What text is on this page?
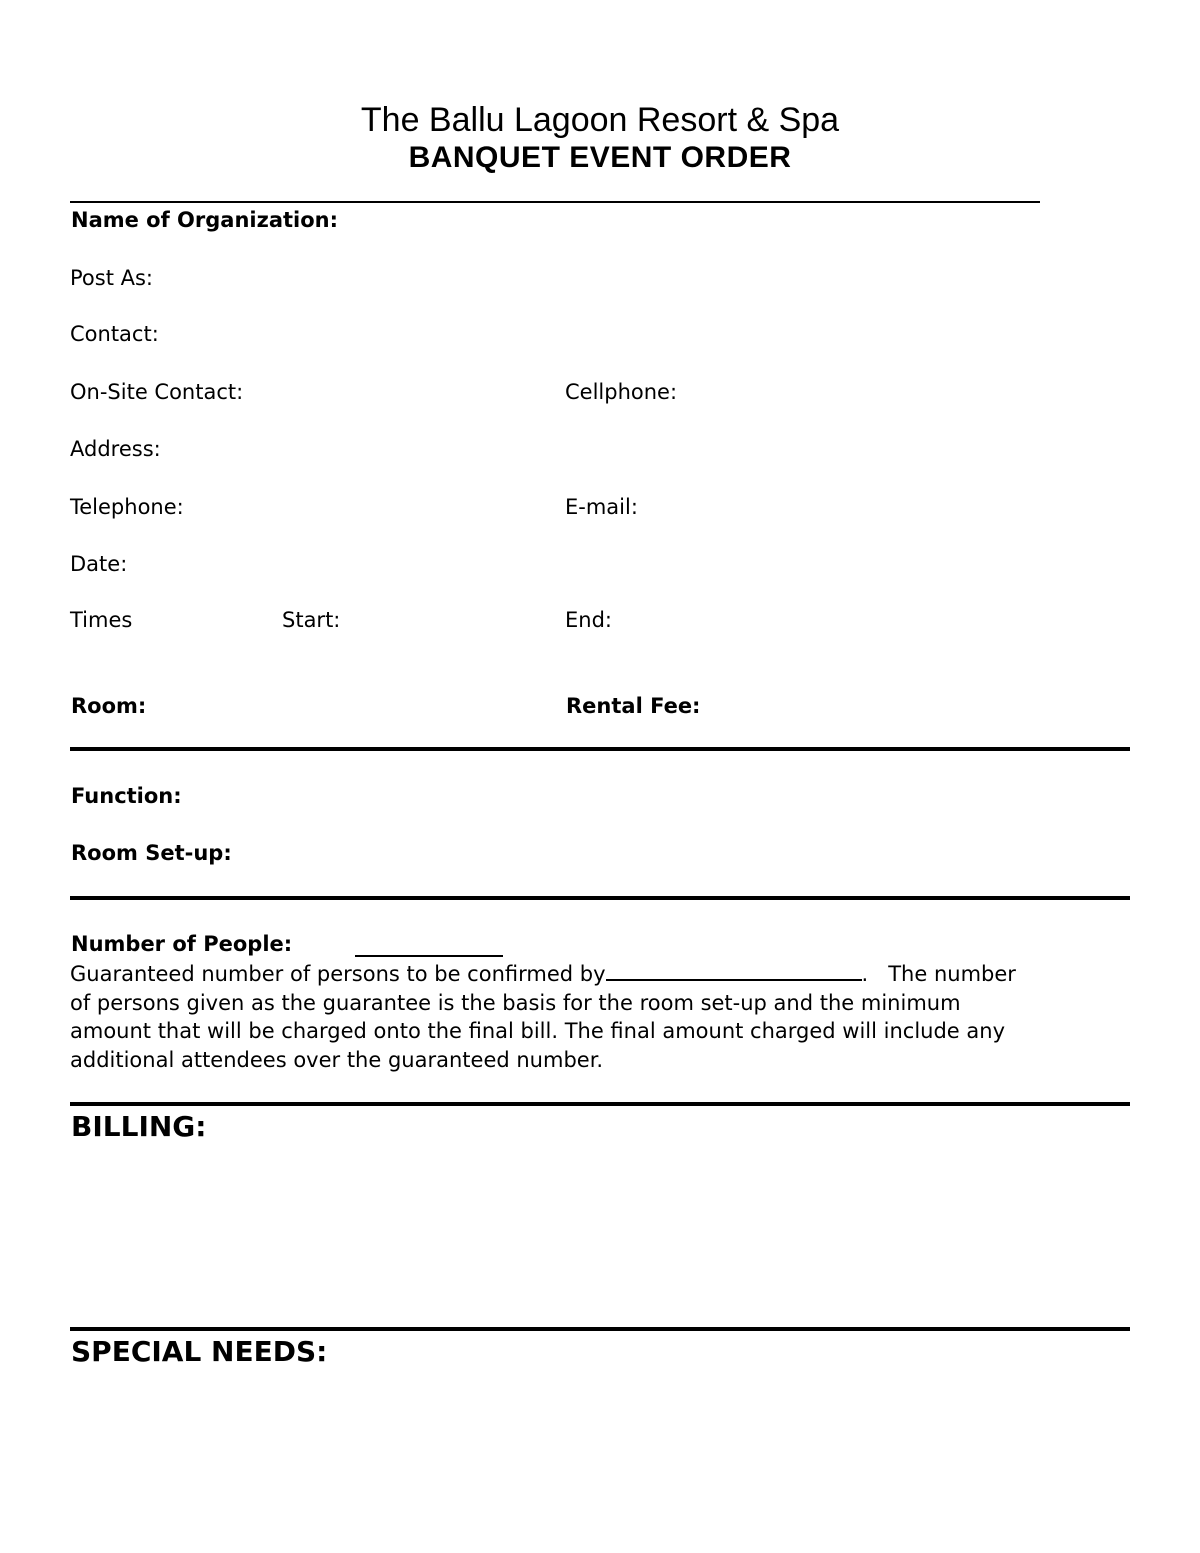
The Ballu Lagoon Resort & Spa
BANQUET EVENT ORDER
Name of Organization:
Post As:
Contact:
On-Site Contact:	Cellphone:
Address:
Telephone:	E-mail:
Date:
Times	Start:	End:
Room:	Rental Fee:
Function:
Room Set-up:
Number of People:
Guaranteed number of persons to be confirmed by	.   The number
of persons given as the guarantee is the basis for the room set-up and the minimum
amount that will be charged onto the final bill. The final amount charged will include any
additional attendees over the guaranteed number.
BILLING:
SPECIAL NEEDS:
